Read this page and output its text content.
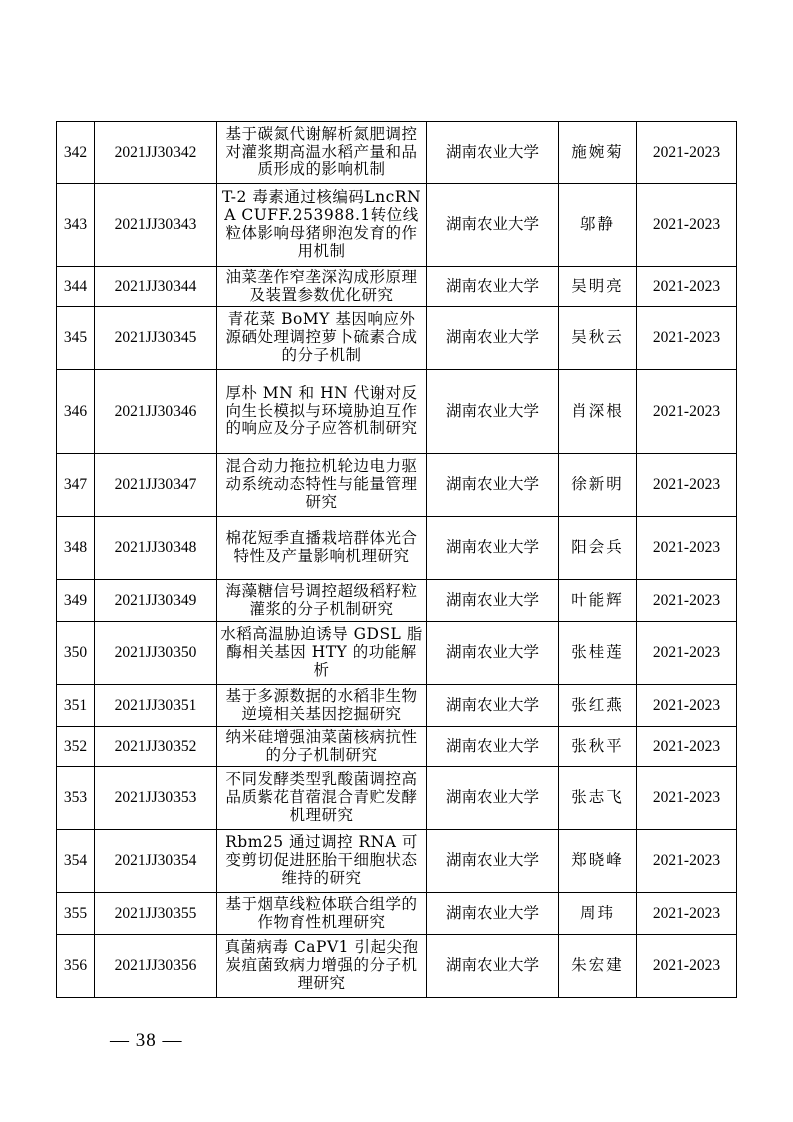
342	2021JJ30342	基于碳氮代谢解析氮肥调控对灌浆期高温水稻产量和品质形成的影响机制	湖南农业大学	施婉菊	2021-2023
343	2021JJ30343	T-2 毒素通过核编码LncRNA CUFF.253988.1转位线粒体影响母猪卵泡发育的作用机制	湖南农业大学	邬静	2021-2023
344	2021JJ30344	油菜垄作窄垄深沟成形原理及装置参数优化研究	湖南农业大学	吴明亮	2021-2023
345	2021JJ30345	青花菜 BoMY 基因响应外源硒处理调控萝卜硫素合成的分子机制	湖南农业大学	吴秋云	2021-2023
346	2021JJ30346	厚朴 MN 和 HN 代谢对反向生长模拟与环境胁迫互作的响应及分子应答机制研究	湖南农业大学	肖深根	2021-2023
347	2021JJ30347	混合动力拖拉机轮边电力驱动系统动态特性与能量管理研究	湖南农业大学	徐新明	2021-2023
348	2021JJ30348	棉花短季直播栽培群体光合特性及产量影响机理研究	湖南农业大学	阳会兵	2021-2023
349	2021JJ30349	海藻糖信号调控超级稻籽粒灌浆的分子机制研究	湖南农业大学	叶能辉	2021-2023
350	2021JJ30350	水稻高温胁迫诱导 GDSL 脂酶相关基因 HTY 的功能解析	湖南农业大学	张桂莲	2021-2023
351	2021JJ30351	基于多源数据的水稻非生物逆境相关基因挖掘研究	湖南农业大学	张红燕	2021-2023
352	2021JJ30352	纳米硅增强油菜菌核病抗性的分子机制研究	湖南农业大学	张秋平	2021-2023
353	2021JJ30353	不同发酵类型乳酸菌调控高品质紫花苜蓿混合青贮发酵机理研究	湖南农业大学	张志飞	2021-2023
354	2021JJ30354	Rbm25 通过调控 RNA 可变剪切促进胚胎干细胞状态维持的研究	湖南农业大学	郑晓峰	2021-2023
355	2021JJ30355	基于烟草线粒体联合组学的作物育性机理研究	湖南农业大学	周玮	2021-2023
356	2021JJ30356	真菌病毒 CaPV1 引起尖孢炭疽菌致病力增强的分子机理研究	湖南农业大学	朱宏建	2021-2023
— 38 —
